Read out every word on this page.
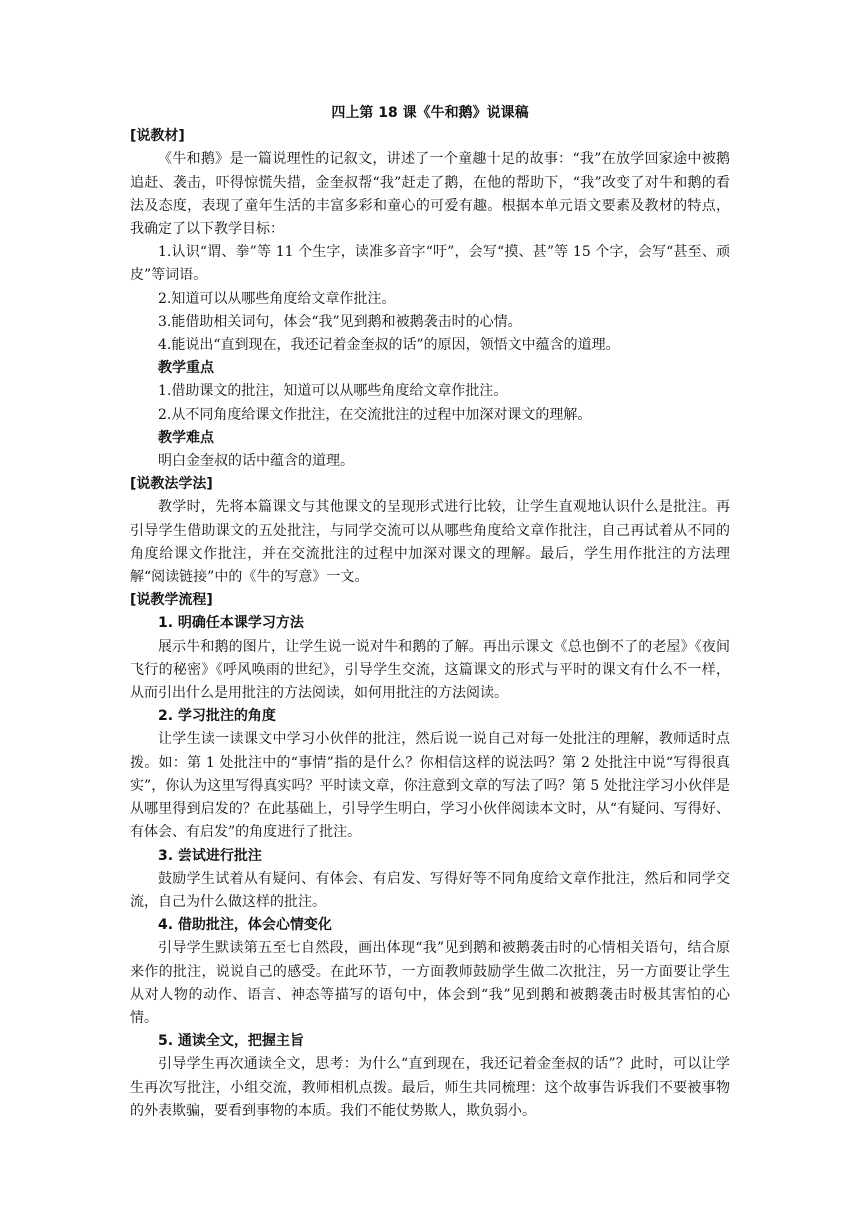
四上第 18 课《牛和鹅》说课稿
[说教材]

《牛和鹅》是一篇说理性的记叙文，讲述了一个童趣十足的故事：“我”在放学回家途中被鹅追赶、袭击，吓得惊慌失措，金奎叔帮“我”赶走了鹅，在他的帮助下，“我”改变了对牛和鹅的看法及态度，表现了童年生活的丰富多彩和童心的可爱有趣。根据本单元语文要素及教材的特点，我确定了以下教学目标：

1.认识“谓、拳”等 11 个生字，读准多音字“吁”，会写“摸、甚”等 15 个字，会写“甚至、顽皮”等词语。

2.知道可以从哪些角度给文章作批注。

3.能借助相关词句，体会“我”见到鹅和被鹅袭击时的心情。

4.能说出“直到现在，我还记着金奎叔的话”的原因，领悟文中蕴含的道理。

教学重点

1.借助课文的批注，知道可以从哪些角度给文章作批注。

2.从不同角度给课文作批注，在交流批注的过程中加深对课文的理解。

教学难点

明白金奎叔的话中蕴含的道理。

[说教法学法]

教学时，先将本篇课文与其他课文的呈现形式进行比较，让学生直观地认识什么是批注。再引导学生借助课文的五处批注，与同学交流可以从哪些角度给文章作批注，自己再试着从不同的角度给课文作批注，并在交流批注的过程中加深对课文的理解。最后，学生用作批注的方法理解“阅读链接”中的《牛的写意》一文。

[说教学流程]
1. 明确任本课学习方法

展示牛和鹅的图片，让学生说一说对牛和鹅的了解。再出示课文《总也倒不了的老屋》《夜间飞行的秘密》《呼风唤雨的世纪》，引导学生交流，这篇课文的形式与平时的课文有什么不一样，从而引出什么是用批注的方法阅读，如何用批注的方法阅读。

2. 学习批注的角度

让学生读一读课文中学习小伙伴的批注，然后说一说自己对每一处批注的理解，教师适时点拨。如：第 1 处批注中的“事情”指的是什么？你相信这样的说法吗？第 2 处批注中说“写得很真实”，你认为这里写得真实吗？平时读文章，你注意到文章的写法了吗？第 5 处批注学习小伙伴是从哪里得到启发的？在此基础上，引导学生明白，学习小伙伴阅读本文时，从“有疑问、写得好、有体会、有启发”的角度进行了批注。

3. 尝试进行批注

鼓励学生试着从有疑问、有体会、有启发、写得好等不同角度给文章作批注，然后和同学交流，自己为什么做这样的批注。

4. 借助批注，体会心情变化

引导学生默读第五至七自然段，画出体现“我”见到鹅和被鹅袭击时的心情相关语句，结合原来作的批注，说说自己的感受。在此环节，一方面教师鼓励学生做二次批注，另一方面要让学生从对人物的动作、语言、神态等描写的语句中，体会到“我”见到鹅和被鹅袭击时极其害怕的心情。

5. 通读全文，把握主旨

引导学生再次通读全文，思考：为什么“直到现在，我还记着金奎叔的话”？此时，可以让学生再次写批注，小组交流，教师相机点拨。最后，师生共同梳理：这个故事告诉我们不要被事物的外表欺骗，要看到事物的本质。我们不能仗势欺人，欺负弱小。
